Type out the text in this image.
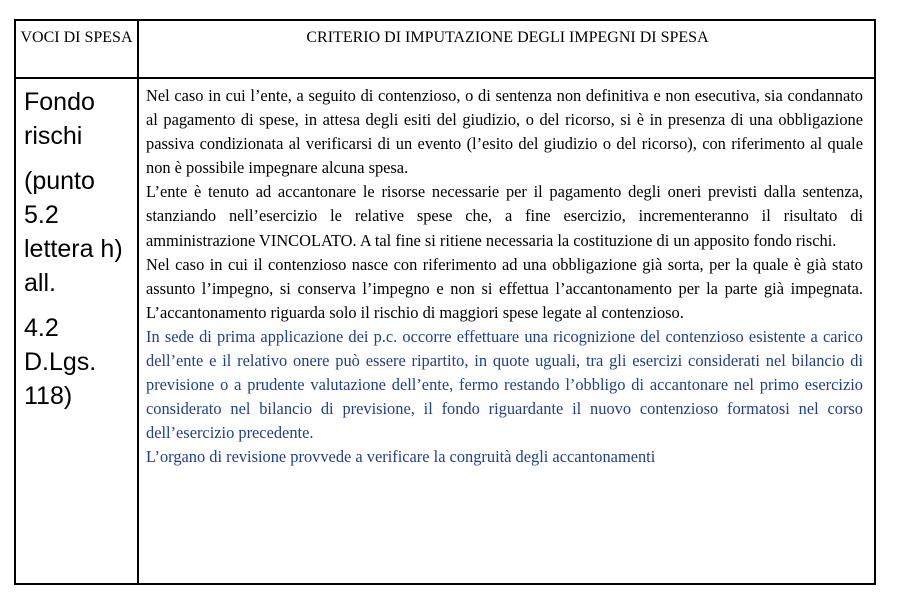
VOCI DI SPESA	CRITERIO DI IMPUTAZIONE DEGLI IMPEGNI DI SPESA

Fondo rischi

(punto 5.2 lettera h) all.

4.2 D.Lgs. 118)

Nel caso in cui l’ente, a seguito di contenzioso, o di sentenza non definitiva e non esecutiva, sia condannato al pagamento di spese, in attesa degli esiti del giudizio, o del ricorso, si è in presenza di una obbligazione passiva condizionata al verificarsi di un evento (l’esito del giudizio o del ricorso), con riferimento al quale non è possibile impegnare alcuna spesa.

L’ente è tenuto ad accantonare le risorse necessarie per il pagamento degli oneri previsti dalla sentenza, stanziando nell’esercizio le relative spese che, a fine esercizio, incrementeranno il risultato di amministrazione VINCOLATO. A tal fine si ritiene necessaria la costituzione di un apposito fondo rischi.

Nel caso in cui il contenzioso nasce con riferimento ad una obbligazione già sorta, per la quale è già stato assunto l’impegno, si conserva l’impegno e non si effettua l’accantonamento per la parte già impegnata. L’accantonamento riguarda solo il rischio di maggiori spese legate al contenzioso.

In sede di prima applicazione dei p.c. occorre effettuare una ricognizione del contenzioso esistente a carico dell’ente e il relativo onere può essere ripartito, in quote uguali, tra gli esercizi considerati nel bilancio di previsione o a prudente valutazione dell’ente, fermo restando l’obbligo di accantonare nel primo esercizio considerato nel bilancio di previsione, il fondo riguardante il nuovo contenzioso formatosi nel corso dell’esercizio precedente.

L’organo di revisione provvede a verificare la congruità degli accantonamenti
